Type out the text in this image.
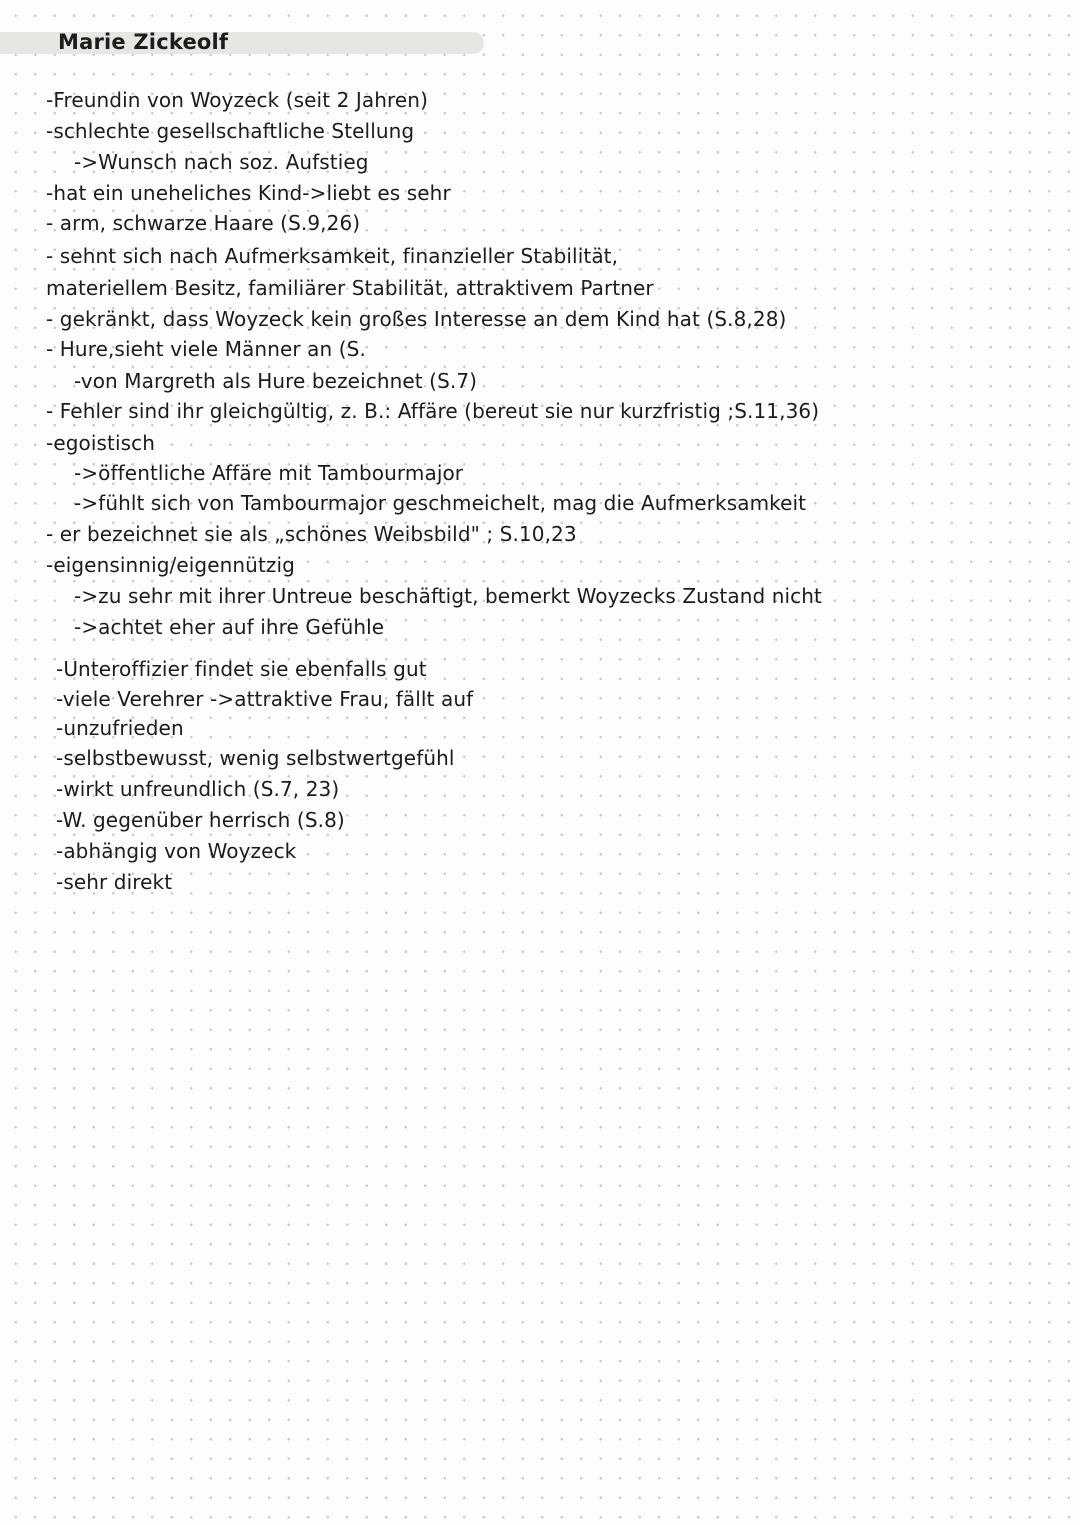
Marie Zickeolf
-Freundin von Woyzeck (seit 2 Jahren)
-schlechte gesellschaftliche Stellung
->Wunsch nach soz. Aufstieg
-hat ein uneheliches Kind->liebt es sehr
- arm, schwarze Haare (S.9,26)
- sehnt sich nach Aufmerksamkeit, finanzieller Stabilität,
materiellem Besitz, familiärer Stabilität, attraktivem Partner
- gekränkt, dass Woyzeck kein großes Interesse an dem Kind hat (S.8,28)
- Hure,sieht viele Männer an (S.
-von Margreth als Hure bezeichnet (S.7)
- Fehler sind ihr gleichgültig, z. B.: Affäre (bereut sie nur kurzfristig ;S.11,36)
-egoistisch
->öffentliche Affäre mit Tambourmajor
->fühlt sich von Tambourmajor geschmeichelt, mag die Aufmerksamkeit
- er bezeichnet sie als „schönes Weibsbild" ; S.10,23
-eigensinnig/eigennützig
->zu sehr mit ihrer Untreue beschäftigt, bemerkt Woyzecks Zustand nicht
->achtet eher auf ihre Gefühle
-Unteroffizier findet sie ebenfalls gut
-viele Verehrer ->attraktive Frau, fällt auf
-unzufrieden
-selbstbewusst, wenig selbstwertgefühl
-wirkt unfreundlich (S.7, 23)
-W. gegenüber herrisch (S.8)
-abhängig von Woyzeck
-sehr direkt
